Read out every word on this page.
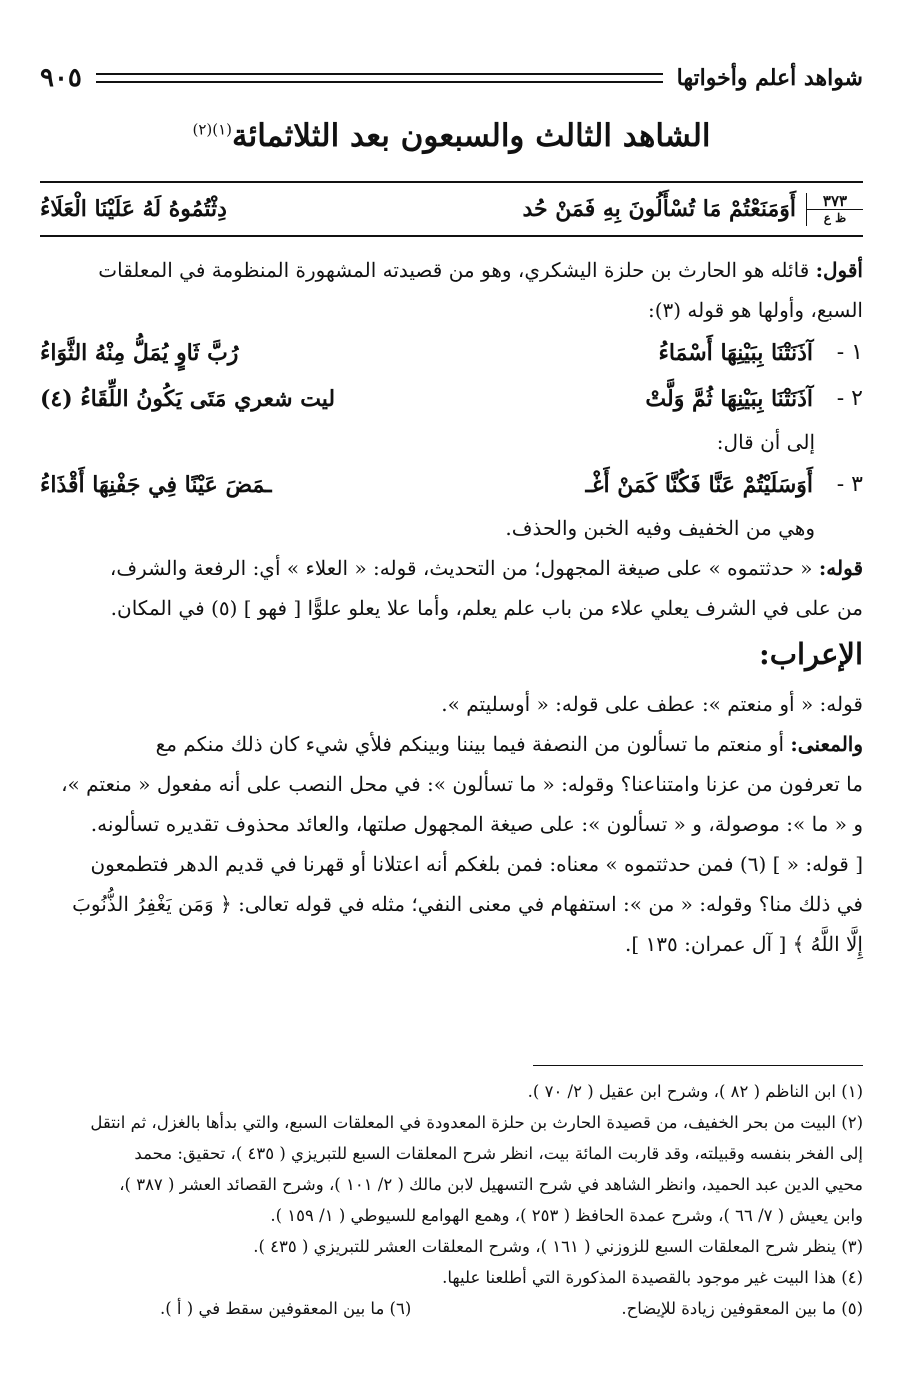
شواهد أعلم وأخواتها
٩٠٥
الشاهد الثالث والسبعون بعد الثلاثمائة$^{(١)(٢)}$
٣٧٣
ظ ع
أَوَمَنَعْتُمْ مَا تُسْأَلُونَ بِهِ فَمَنْ حُد
دِثْتُمُوهُ لَهُ عَلَيْنَا الْعَلَاءُ

أقول: قائله هو الحارث بن حلزة اليشكري، وهو من قصيدته المشهورة المنظومة في المعلقات

السبع، وأولها هو قوله (٣):

١ -
آذَنَتْنَا بِبَيْنِهَا أَسْمَاءُ
رُبَّ ثَاوٍ يُمَلُّ مِنْهُ الثَّوَاءُ
٢ -
آذَنَتْنَا بِبَيْنِهَا ثُمَّ وَلَّتْ
ليت شعري مَتَى يَكُونُ اللِّقَاءُ (٤)

إلى أن قال:

٣ -
أَوَسَلَيْتُمْ عَنَّا فَكُنَّا كَمَنْ أَغْـ
ـمَضَ عَيْنًا فِي جَفْنِهَا أَقْذَاءُ

وهي من الخفيف وفيه الخبن والحذف.

قوله: « حدثتموه » على صيغة المجهول؛ من التحديث، قوله: « العلاء » أي: الرفعة والشرف،

من على في الشرف يعلي علاء من باب علم يعلم، وأما علا يعلو علوًّا [ فهو ] (٥) في المكان.

الإعراب:

قوله: « أو منعتم »: عطف على قوله: « أوسليتم ».

والمعنى: أو منعتم ما تسألون من النصفة فيما بيننا وبينكم فلأي شيء كان ذلك منكم مع

ما تعرفون من عزنا وامتناعنا؟ وقوله: « ما تسألون »: في محل النصب على أنه مفعول « منعتم »،

و « ما »: موصولة، و « تسألون »: على صيغة المجهول صلتها، والعائد محذوف تقديره تسألونه.

[ قوله: « ] (٦) فمن حدثتموه » معناه: فمن بلغكم أنه اعتلانا أو قهرنا في قديم الدهر فتطمعون

في ذلك منا؟ وقوله: « من »: استفهام في معنى النفي؛ مثله في قوله تعالى: ﴿ وَمَن يَغْفِرُ الذُّنُوبَ

إِلَّا اللَّهُ ﴾ [ آل عمران: ١٣٥ ].

(١) ابن الناظم ( ٨٢ )، وشرح ابن عقيل ( ٢/ ٧٠ ).

(٢) البيت من بحر الخفيف، من قصيدة الحارث بن حلزة المعدودة في المعلقات السبع، والتي بدأها بالغزل، ثم انتقل

إلى الفخر بنفسه وقبيلته، وقد قاربت المائة بيت، انظر شرح المعلقات السبع للتبريزي ( ٤٣٥ )، تحقيق: محمد

محيي الدين عبد الحميد، وانظر الشاهد في شرح التسهيل لابن مالك ( ٢/ ١٠١ )، وشرح القصائد العشر ( ٣٨٧ )،

وابن يعيش ( ٧/ ٦٦ )، وشرح عمدة الحافظ ( ٢٥٣ )، وهمع الهوامع للسيوطي ( ١/ ١٥٩ ).

(٣) ينظر شرح المعلقات السبع للزوزني ( ١٦١ )، وشرح المعلقات العشر للتبريزي ( ٤٣٥ ).

(٤) هذا البيت غير موجود بالقصيدة المذكورة التي أطلعنا عليها.

(٥) ما بين المعقوفين زيادة للإيضاح.
(٦) ما بين المعقوفين سقط في ( أ ).
